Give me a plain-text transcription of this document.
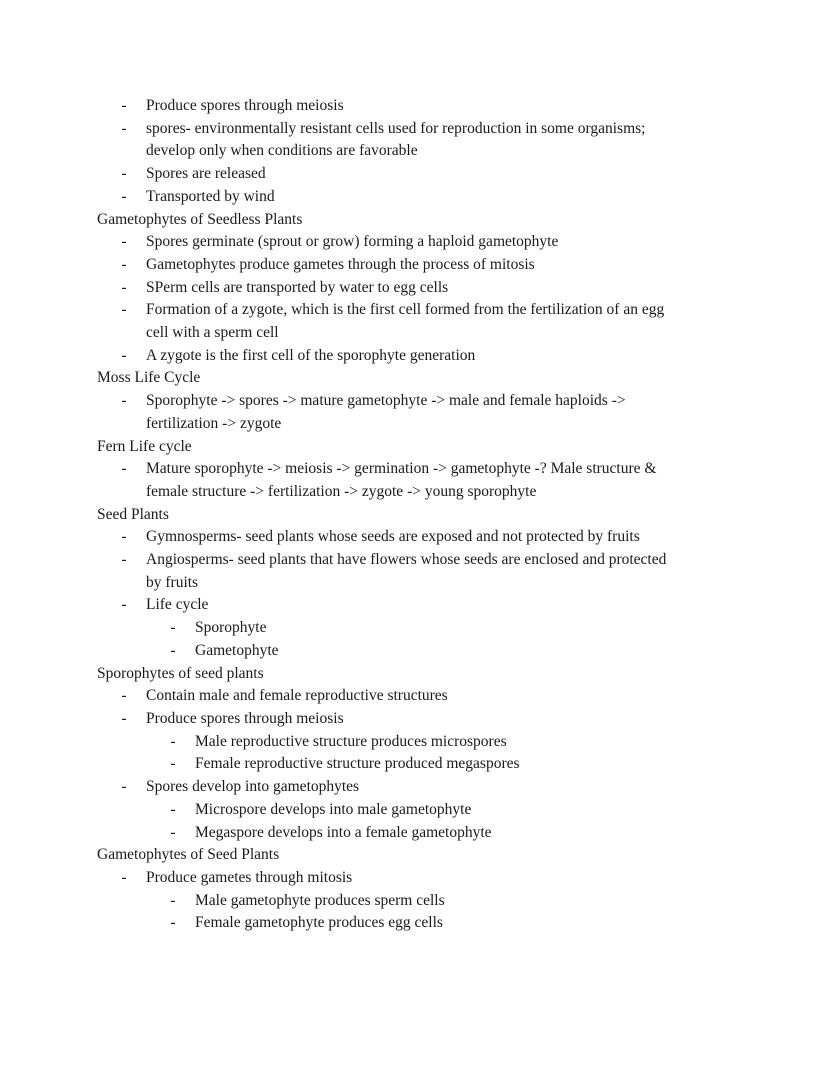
- Produce spores through meiosis
- spores- environmentally resistant cells used for reproduction in some organisms;
develop only when conditions are favorable
- Spores are released
- Transported by wind
Gametophytes of Seedless Plants
- Spores germinate (sprout or grow) forming a haploid gametophyte
- Gametophytes produce gametes through the process of mitosis
- SPerm cells are transported by water to egg cells
- Formation of a zygote, which is the first cell formed from the fertilization of an egg
cell with a sperm cell
- A zygote is the first cell of the sporophyte generation
Moss Life Cycle
- Sporophyte -> spores -> mature gametophyte -> male and female haploids ->
fertilization -> zygote
Fern Life cycle
- Mature sporophyte -> meiosis -> germination -> gametophyte -? Male structure &
female structure -> fertilization -> zygote -> young sporophyte
Seed Plants
- Gymnosperms- seed plants whose seeds are exposed and not protected by fruits
- Angiosperms- seed plants that have flowers whose seeds are enclosed and protected
by fruits
- Life cycle
- Sporophyte
- Gametophyte
Sporophytes of seed plants
- Contain male and female reproductive structures
- Produce spores through meiosis
- Male reproductive structure produces microspores
- Female reproductive structure produced megaspores
- Spores develop into gametophytes
- Microspore develops into male gametophyte
- Megaspore develops into a female gametophyte
Gametophytes of Seed Plants
- Produce gametes through mitosis
- Male gametophyte produces sperm cells
- Female gametophyte produces egg cells
